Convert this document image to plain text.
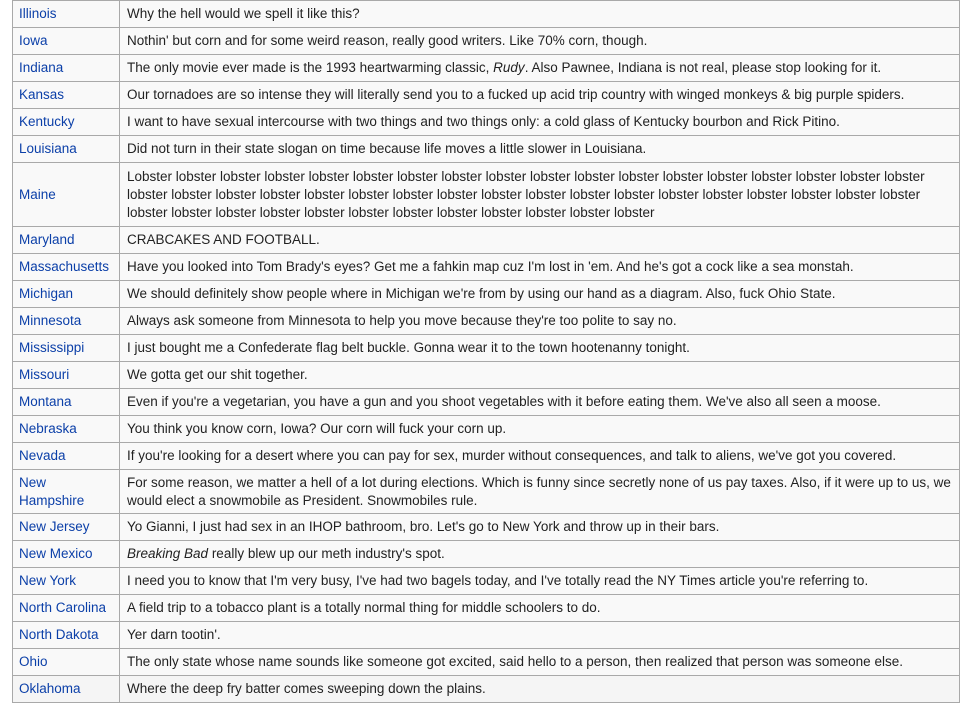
Illinois	Why the hell would we spell it like this?
Iowa	Nothin' but corn and for some weird reason, really good writers. Like 70% corn, though.
Indiana	The only movie ever made is the 1993 heartwarming classic, Rudy. Also Pawnee, Indiana is not real, please stop looking for it.
Kansas	Our tornadoes are so intense they will literally send you to a fucked up acid trip country with winged monkeys & big purple spiders.
Kentucky	I want to have sexual intercourse with two things and two things only: a cold glass of Kentucky bourbon and Rick Pitino.
Louisiana	Did not turn in their state slogan on time because life moves a little slower in Louisiana.
Maine	Lobster lobster lobster lobster lobster lobster lobster lobster lobster lobster lobster lobster lobster lobster lobster lobster lobster lobster lobster lobster lobster lobster lobster lobster lobster lobster lobster lobster lobster lobster lobster lobster lobster lobster lobster lobster lobster lobster lobster lobster lobster lobster lobster lobster lobster lobster lobster lobster
Maryland	CRABCAKES AND FOOTBALL.
Massachusetts	Have you looked into Tom Brady's eyes? Get me a fahkin map cuz I'm lost in 'em. And he's got a cock like a sea monstah.
Michigan	We should definitely show people where in Michigan we're from by using our hand as a diagram. Also, fuck Ohio State.
Minnesota	Always ask someone from Minnesota to help you move because they're too polite to say no.
Mississippi	I just bought me a Confederate flag belt buckle. Gonna wear it to the town hootenanny tonight.
Missouri	We gotta get our shit together.
Montana	Even if you're a vegetarian, you have a gun and you shoot vegetables with it before eating them. We've also all seen a moose.
Nebraska	You think you know corn, Iowa? Our corn will fuck your corn up.
Nevada	If you're looking for a desert where you can pay for sex, murder without consequences, and talk to aliens, we've got you covered.
New Hampshire	For some reason, we matter a hell of a lot during elections. Which is funny since secretly none of us pay taxes. Also, if it were up to us, we would elect a snowmobile as President. Snowmobiles rule.
New Jersey	Yo Gianni, I just had sex in an IHOP bathroom, bro. Let's go to New York and throw up in their bars.
New Mexico	Breaking Bad really blew up our meth industry's spot.
New York	I need you to know that I'm very busy, I've had two bagels today, and I've totally read the NY Times article you're referring to.
North Carolina	A field trip to a tobacco plant is a totally normal thing for middle schoolers to do.
North Dakota	Yer darn tootin'.
Ohio	The only state whose name sounds like someone got excited, said hello to a person, then realized that person was someone else.
Oklahoma	Where the deep fry batter comes sweeping down the plains.
